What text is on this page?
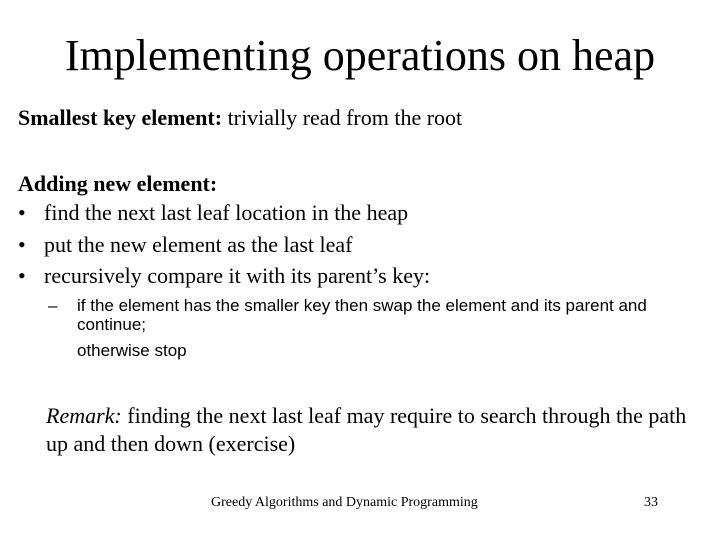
Implementing operations on heap
Smallest key element: trivially read from the root
Adding new element:
• find the next last leaf location in the heap
• put the new element as the last leaf
• recursively compare it with its parent’s key:
– if the element has the smaller key then swap the element and its parent and continue;
otherwise stop
Remark: finding the next last leaf may require to search through the path up and then down (exercise)
Greedy Algorithms and Dynamic Programming	33
